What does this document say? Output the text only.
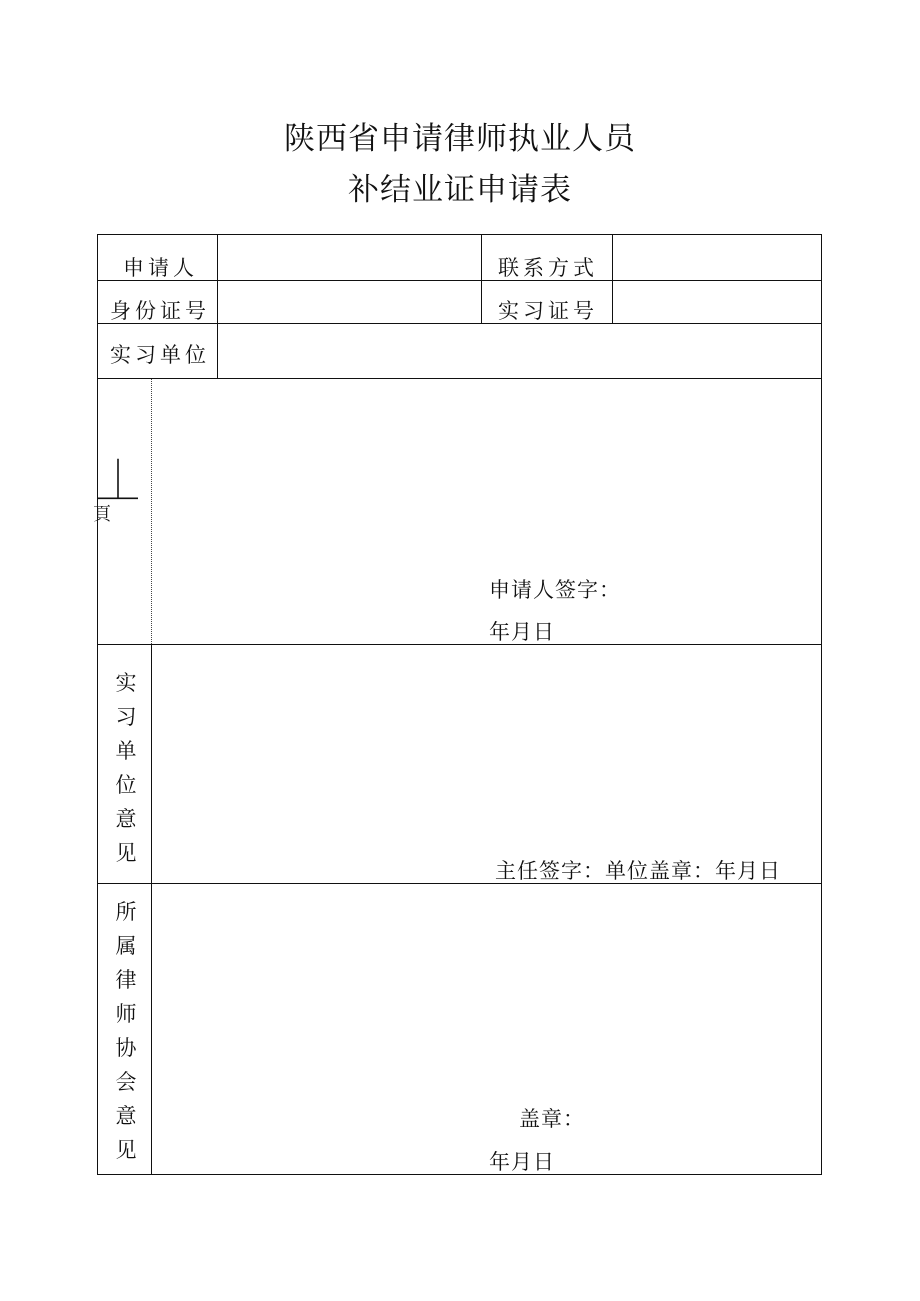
陕西省申请律师执业人员
补结业证申请表
申请人	联系方式
身份证号	实习证号
实习单位
⏊
頁
申请人签字：
年月日
实习单位意见
主任签字：单位盖章：年月日
所属律师协会意见
盖章：
年月日
